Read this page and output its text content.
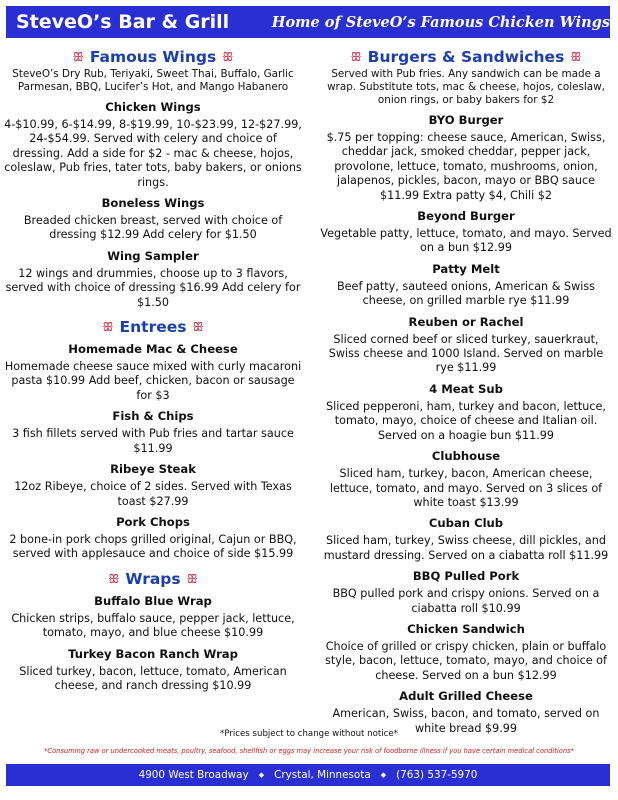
SteveO’s Bar & Grill	Home of SteveO’s Famous Chicken Wings
ꕥ Famous Wings ꕥ
SteveO’s Dry Rub, Teriyaki, Sweet Thai, Buffalo, Garlic Parmesan, BBQ, Lucifer’s Hot, and Mango Habanero
Chicken Wings
4-$10.99, 6-$14.99, 8-$19.99, 10-$23.99, 12-$27.99, 24-$54.99. Served with celery and choice of dressing. Add a side for $2 - mac & cheese, hojos, coleslaw, Pub fries, tater tots, baby bakers, or onions rings.
Boneless Wings
Breaded chicken breast, served with choice of dressing $12.99 Add celery for $1.50
Wing Sampler
12 wings and drummies, choose up to 3 flavors, served with choice of dressing $16.99 Add celery for $1.50
ꕥ Entrees ꕥ
Homemade Mac & Cheese
Homemade cheese sauce mixed with curly macaroni pasta $10.99 Add beef, chicken, bacon or sausage for $3
Fish & Chips
3 fish fillets served with Pub fries and tartar sauce $11.99
Ribeye Steak
12oz Ribeye, choice of 2 sides. Served with Texas toast $27.99
Pork Chops
2 bone-in pork chops grilled original, Cajun or BBQ, served with applesauce and choice of side $15.99
ꕥ Wraps ꕥ
Buffalo Blue Wrap
Chicken strips, buffalo sauce, pepper jack, lettuce, tomato, mayo, and blue cheese $10.99
Turkey Bacon Ranch Wrap
Sliced turkey, bacon, lettuce, tomato, American cheese, and ranch dressing $10.99
ꕥ Burgers & Sandwiches ꕥ
Served with Pub fries. Any sandwich can be made a wrap. Substitute tots, mac & cheese, hojos, coleslaw, onion rings, or baby bakers for $2
BYO Burger
$.75 per topping: cheese sauce, American, Swiss, cheddar jack, smoked cheddar, pepper jack, provolone, lettuce, tomato, mushrooms, onion, jalapenos, pickles, bacon, mayo or BBQ sauce $11.99 Extra patty $4, Chili $2
Beyond Burger
Vegetable patty, lettuce, tomato, and mayo. Served on a bun $12.99
Patty Melt
Beef patty, sauteed onions, American & Swiss cheese, on grilled marble rye $11.99
Reuben or Rachel
Sliced corned beef or sliced turkey, sauerkraut, Swiss cheese and 1000 Island. Served on marble rye $11.99
4 Meat Sub
Sliced pepperoni, ham, turkey and bacon, lettuce, tomato, mayo, choice of cheese and Italian oil. Served on a hoagie bun $11.99
Clubhouse
Sliced ham, turkey, bacon, American cheese, lettuce, tomato, and mayo. Served on 3 slices of white toast $13.99
Cuban Club
Sliced ham, turkey, Swiss cheese, dill pickles, and mustard dressing. Served on a ciabatta roll $11.99
BBQ Pulled Pork
BBQ pulled pork and crispy onions. Served on a ciabatta roll $10.99
Chicken Sandwich
Choice of grilled or crispy chicken, plain or buffalo style, bacon, lettuce, tomato, mayo, and choice of cheese. Served on a bun $12.99
Adult Grilled Cheese
American, Swiss, bacon, and tomato, served on white bread $9.99
*Prices subject to change without notice*
*Consuming raw or undercooked meats, poultry, seafood, shellfish or eggs may increase your risk of foodborne illness if you have certain medical conditions*
4900 West Broadway ◆ Crystal, Minnesota ◆ (763) 537-5970
